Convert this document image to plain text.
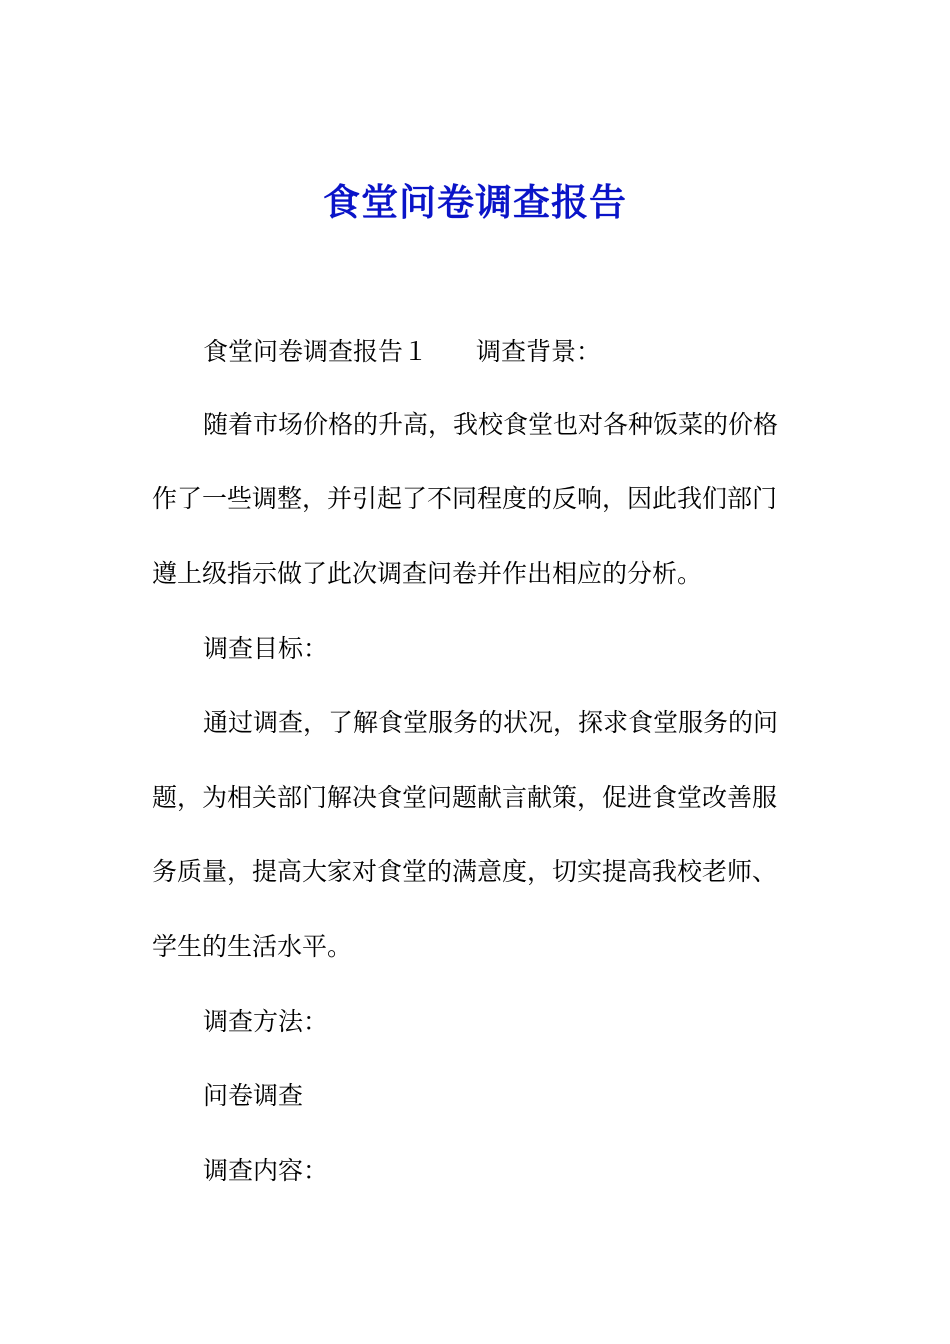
食堂问卷调查报告

食堂问卷调查报告１ 调查背景：

随着市场价格的升高，我校食堂也对各种饭菜的价格

作了一些调整，并引起了不同程度的反响，因此我们部门

遵上级指示做了此次调查问卷并作出相应的分析。

调查目标：

通过调查，了解食堂服务的状况，探求食堂服务的问

题，为相关部门解决食堂问题献言献策，促进食堂改善服

务质量，提高大家对食堂的满意度，切实提高我校老师、

学生的生活水平。

调查方法：

问卷调查

调查内容：
